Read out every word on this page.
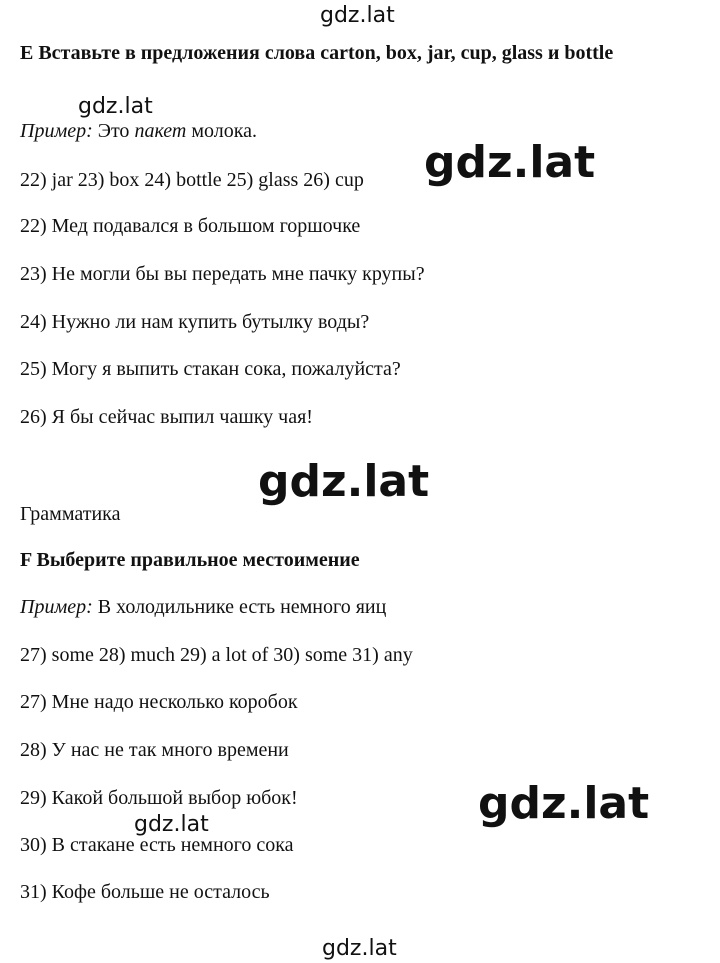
gdz.lat
E Вставьте в предложения слова carton, box, jar, cup, glass и bottle
gdz.lat
Пример: Это пакет молока.
gdz.lat
22) jar 23) box 24) bottle 25) glass 26) cup
22) Мед подавался в большом горшочке
23) Не могли бы вы передать мне пачку крупы?
24) Нужно ли нам купить бутылку воды?
25) Могу я выпить стакан сока, пожалуйста?
26) Я бы сейчас выпил чашку чая!
gdz.lat
Грамматика
F Выберите правильное местоимение
Пример: В холодильнике есть немного яиц
27) some 28) much 29) a lot of 30) some 31) any
27) Мне надо несколько коробок
28) У нас не так много времени
gdz.lat
29) Какой большой выбор юбок!
gdz.lat
30) В стакане есть немного сока
31) Кофе больше не осталось
gdz.lat
